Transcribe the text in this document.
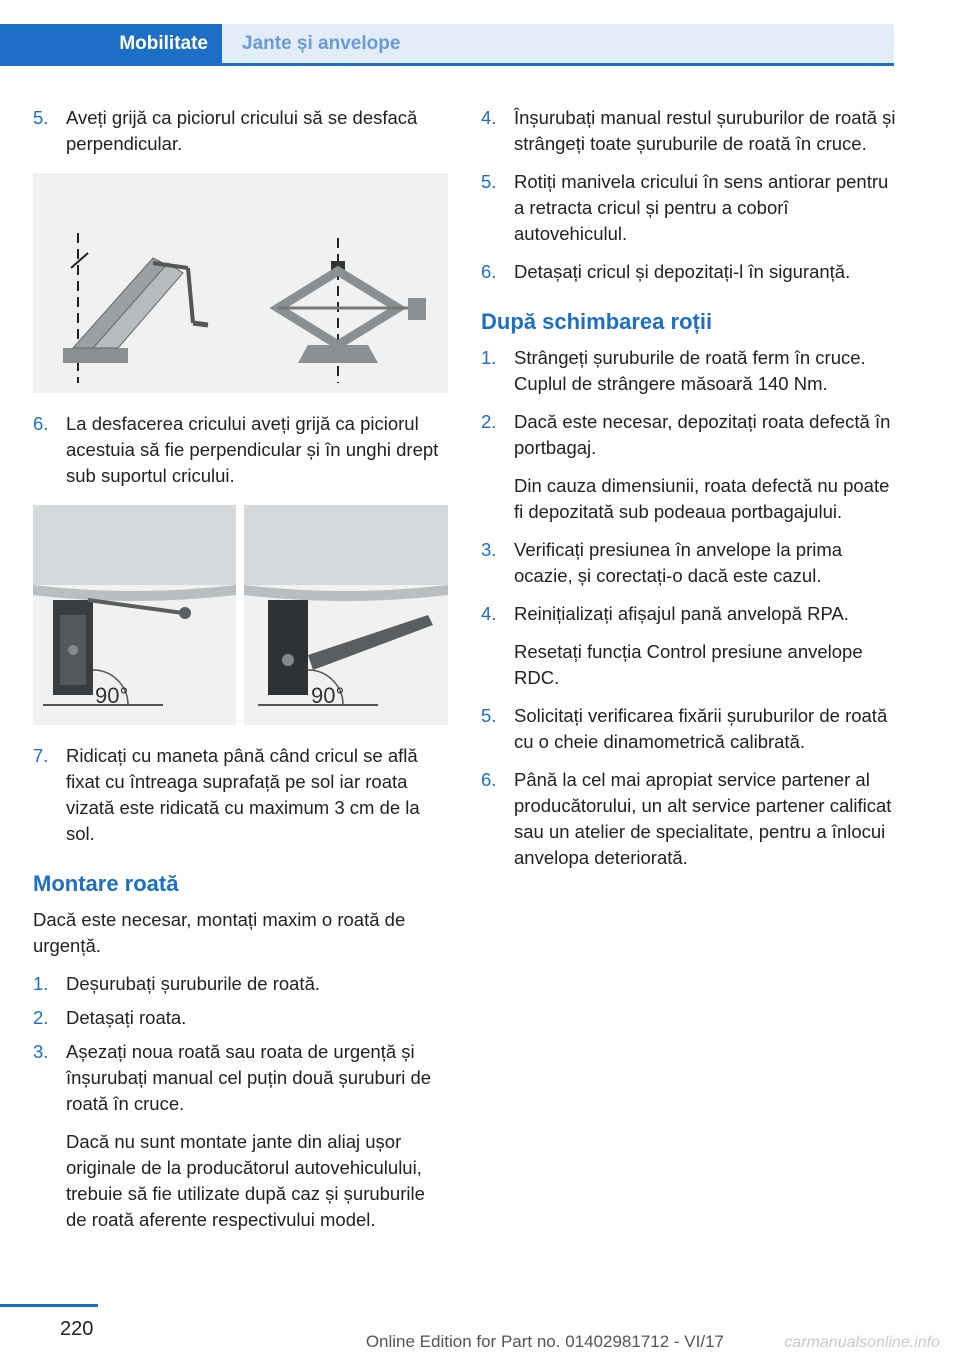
Mobilitate Jante și anvelope
5. Aveți grijă ca piciorul cricului să se desfacă perpendicular.
6. La desfacerea cricului aveți grijă ca piciorul acestuia să fie perpendicular și în unghi drept sub suportul cricului.
90°	90°
7. Ridicați cu maneta până când cricul se află fixat cu întreaga suprafață pe sol iar roata vizată este ridicată cu maximum 3 cm de la sol.
Montare roată
Dacă este necesar, montați maxim o roată de urgență.
1. Deșurubați șuruburile de roată.
2. Detașați roata.
3. Așezați noua roată sau roata de urgență și înșurubați manual cel puțin două șuruburi de roată în cruce.
Dacă nu sunt montate jante din aliaj ușor originale de la producătorul autovehiculului, trebuie să fie utilizate după caz și șuruburile de roată aferente respectivului model.
4. Înșurubați manual restul șuruburilor de roată și strângeți toate șuruburile de roată în cruce.
5. Rotiți manivela cricului în sens antiorar pentru a retracta cricul și pentru a coborî autovehiculul.
6. Detașați cricul și depozitați-l în siguranță.
După schimbarea roții
1. Strângeți șuruburile de roată ferm în cruce. Cuplul de strângere măsoară 140 Nm.
2. Dacă este necesar, depozitați roata defectă în portbagaj.
Din cauza dimensiunii, roata defectă nu poate fi depozitată sub podeaua portbagajului.
3. Verificați presiunea în anvelope la prima ocazie, și corectați-o dacă este cazul.
4. Reinițializați afișajul pană anvelopă RPA.
Resetați funcția Control presiune anvelope RDC.
5. Solicitați verificarea fixării șuruburilor de roată cu o cheie dinamometrică calibrată.
6. Până la cel mai apropiat service partener al producătorului, un alt service partener calificat sau un atelier de specialitate, pentru a înlocui anvelopa deteriorată.
220
Online Edition for Part no. 01402981712 - VI/17	carmanualsonline.info
